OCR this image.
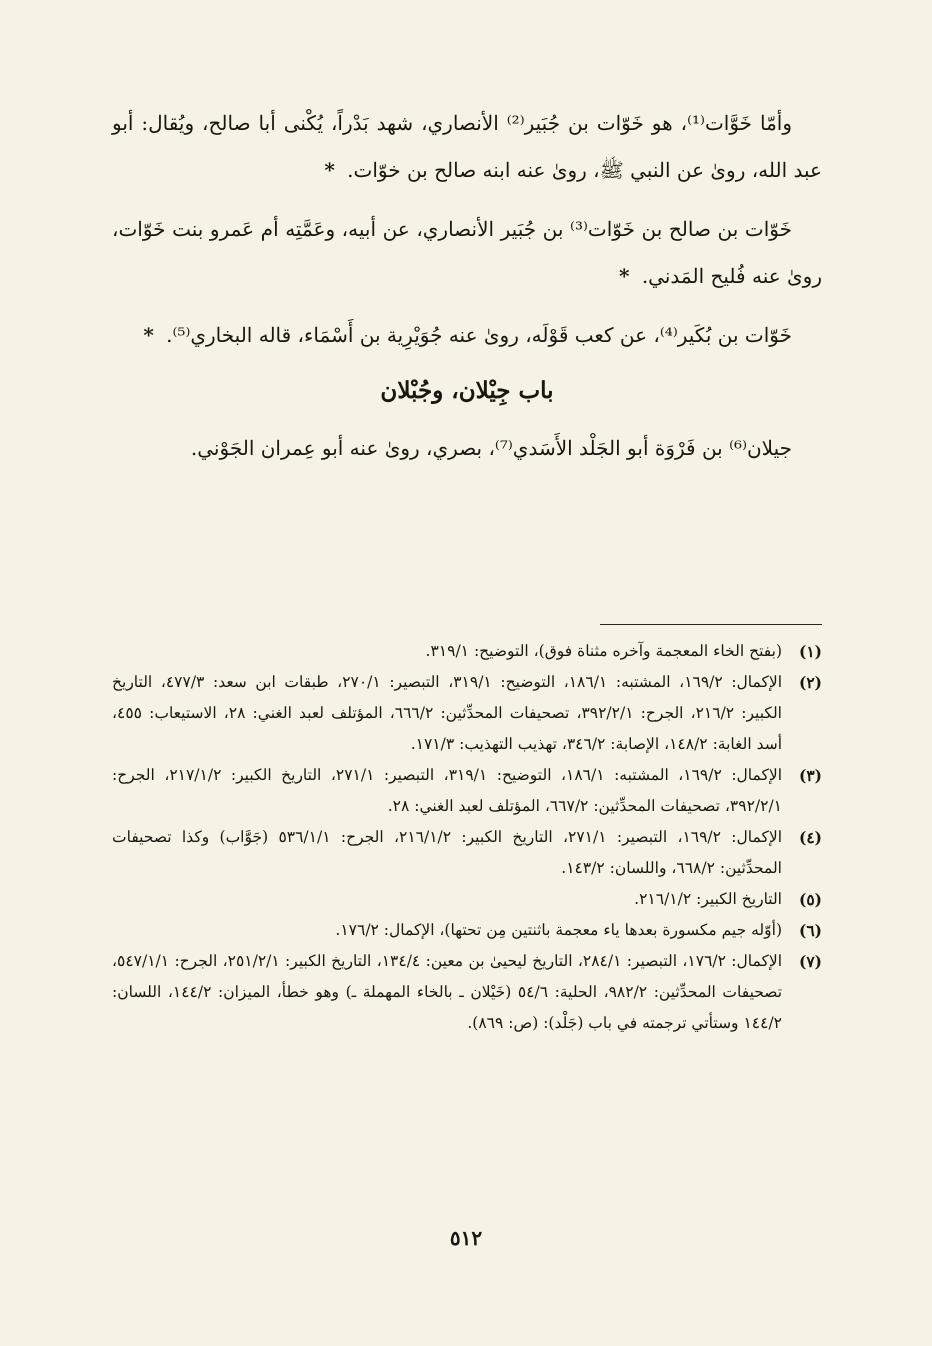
وأمّا خَوَّات⁽¹⁾، هو خَوّات بن جُبَير⁽²⁾ الأنصاري، شهد بَدْراً، يُكْنى أبا صالح، ويُقال: أبو عبد الله، روىٰ عن النبي ﷺ، روىٰ عنه ابنه صالح بن خوّات. *

خَوّات بن صالح بن خَوّات⁽³⁾ بن جُبَير الأنصاري، عن أبيه، وعَمَّتِه أم عَمرو بنت خَوّات، روىٰ عنه فُليح المَدني. *

خَوّات بن بُكَير⁽⁴⁾، عن كعب قَوْلَه، روىٰ عنه جُوَيْرِية بن أَسْمَاء، قاله البخاري⁽⁵⁾. *

باب جِيْلان، وجُبْلان

جيلان⁽⁶⁾ بن فَرْوَة أبو الجَلْد الأَسَدي⁽⁷⁾، بصري، روىٰ عنه أبو عِمران الجَوْني.

(١)
(بفتح الخاء المعجمة وآخره مثناة فوق)، التوضيح: ٣١٩/١.
(٢)
الإكمال: ١٦٩/٢، المشتبه: ١٨٦/١، التوضيح: ٣١٩/١، التبصير: ٢٧٠/١، طبقات ابن سعد: ٤٧٧/٣، التاريخ الكبير: ٢١٦/٢، الجرح: ٣٩٢/٢/١، تصحيفات المحدِّثين: ٦٦٦/٢، المؤتلف لعبد الغني: ٢٨، الاستيعاب: ٤٥٥، أسد الغابة: ١٤٨/٢، الإصابة: ٣٤٦/٢، تهذيب التهذيب: ١٧١/٣.
(٣)
الإكمال: ١٦٩/٢، المشتبه: ١٨٦/١، التوضيح: ٣١٩/١، التبصير: ٢٧١/١، التاريخ الكبير: ٢١٧/١/٢، الجرح: ٣٩٢/٢/١، تصحيفات المحدِّثين: ٦٦٧/٢، المؤتلف لعبد الغني: ٢٨.
(٤)
الإكمال: ١٦٩/٢، التبصير: ٢٧١/١، التاريخ الكبير: ٢١٦/١/٢، الجرح: ٥٣٦/١/١ (جَوَّاب) وكذا تصحيفات المحدِّثين: ٦٦٨/٢، واللسان: ١٤٣/٢.
(٥)
التاريخ الكبير: ٢١٦/١/٢.
(٦)
(أوّله جيم مكسورة بعدها ياء معجمة باثنتين مِن تحتها)، الإكمال: ١٧٦/٢.
(٧)
الإكمال: ١٧٦/٢، التبصير: ٢٨٤/١، التاريخ ليحيىٰ بن معين: ١٣٤/٤، التاريخ الكبير: ٢٥١/٢/١، الجرح: ٥٤٧/١/١، تصحيفات المحدِّثين: ٩٨٢/٢، الحلية: ٥٤/٦ (خَيْلان ـ بالخاء المهملة ـ) وهو خطأ، الميزان: ١٤٤/٢، اللسان: ١٤٤/٢ وستأتي ترجمته في باب (جَلْد): (ص: ٨٦٩).
٥١٢
